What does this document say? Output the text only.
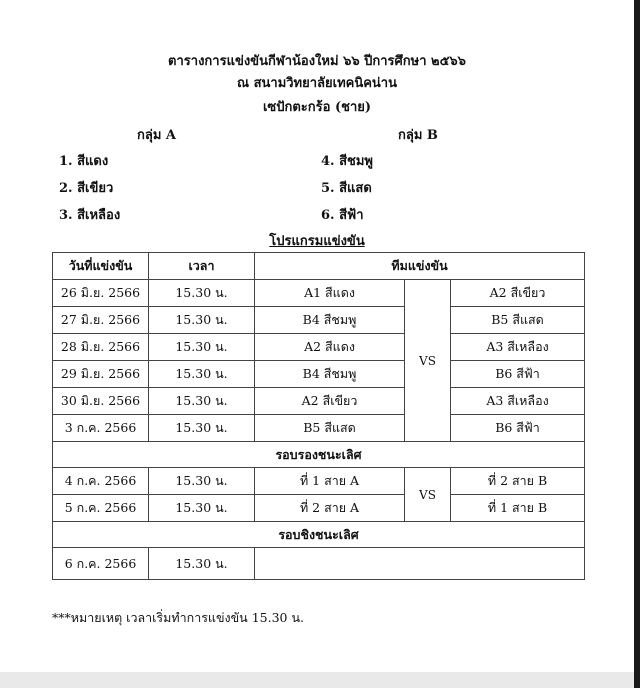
ตารางการแข่งขันกีฬาน้องใหม่ ๖๖ ปีการศึกษา ๒๕๖๖
ณ สนามวิทยาลัยเทคนิคน่าน
เซปักตะกร้อ (ชาย)
กลุ่ม A	กลุ่ม B
1. สีแดง
2. สีเขียว
3. สีเหลือง
4. สีชมพู
5. สีแสด
6. สีฟ้า
โปรแกรมแข่งขัน
วันที่แข่งขัน	เวลา	ทีมแข่งขัน		
26 มิ.ย. 2566	15.30 น.	A1 สีแดง	VS	A2 สีเขียว
27 มิ.ย. 2566	15.30 น.	B4 สีชมพู		B5 สีแสด
28 มิ.ย. 2566	15.30 น.	A2 สีแดง		A3 สีเหลือง
29 มิ.ย. 2566	15.30 น.	B4 สีชมพู		B6 สีฟ้า
30 มิ.ย. 2566	15.30 น.	A2 สีเขียว		A3 สีเหลือง
3 ก.ค. 2566	15.30 น.	B5 สีแสด		B6 สีฟ้า
รอบรองชนะเลิศ				
4 ก.ค. 2566	15.30 น.	ที่ 1 สาย A	VS	ที่ 2 สาย B
5 ก.ค. 2566	15.30 น.	ที่ 2 สาย A		ที่ 1 สาย B
รอบชิงชนะเลิศ				
6 ก.ค. 2566	15.30 น.			
***หมายเหตุ เวลาเริ่มทำการแข่งขัน 15.30 น.
